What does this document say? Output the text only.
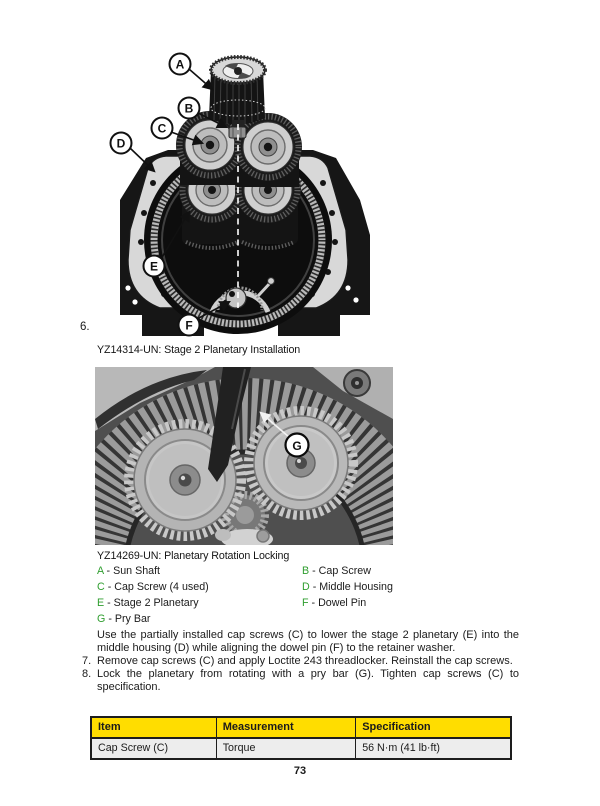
A
B
C
D
E
F
6.
YZ14314-UN: Stage 2 Planetary Installation
G
YZ14269-UN: Planetary Rotation Locking
A - Sun Shaft	B - Cap Screw
C - Cap Screw (4 used)	D - Middle Housing
E - Stage 2 Planetary	F - Dowel Pin
G - Pry Bar
Use the partially installed cap screws (C) to lower the stage 2 planetary (E) into the middle housing (D) while aligning the dowel pin (F) to the retainer washer.
7. Remove cap screws (C) and apply Loctite 243 threadlocker. Reinstall the cap screws.
8. Lock the planetary from rotating with a pry bar (G). Tighten cap screws (C) to specification.
Item	Measurement	Specification
Cap Screw (C)	Torque	56 N·m (41 lb·ft)
73
